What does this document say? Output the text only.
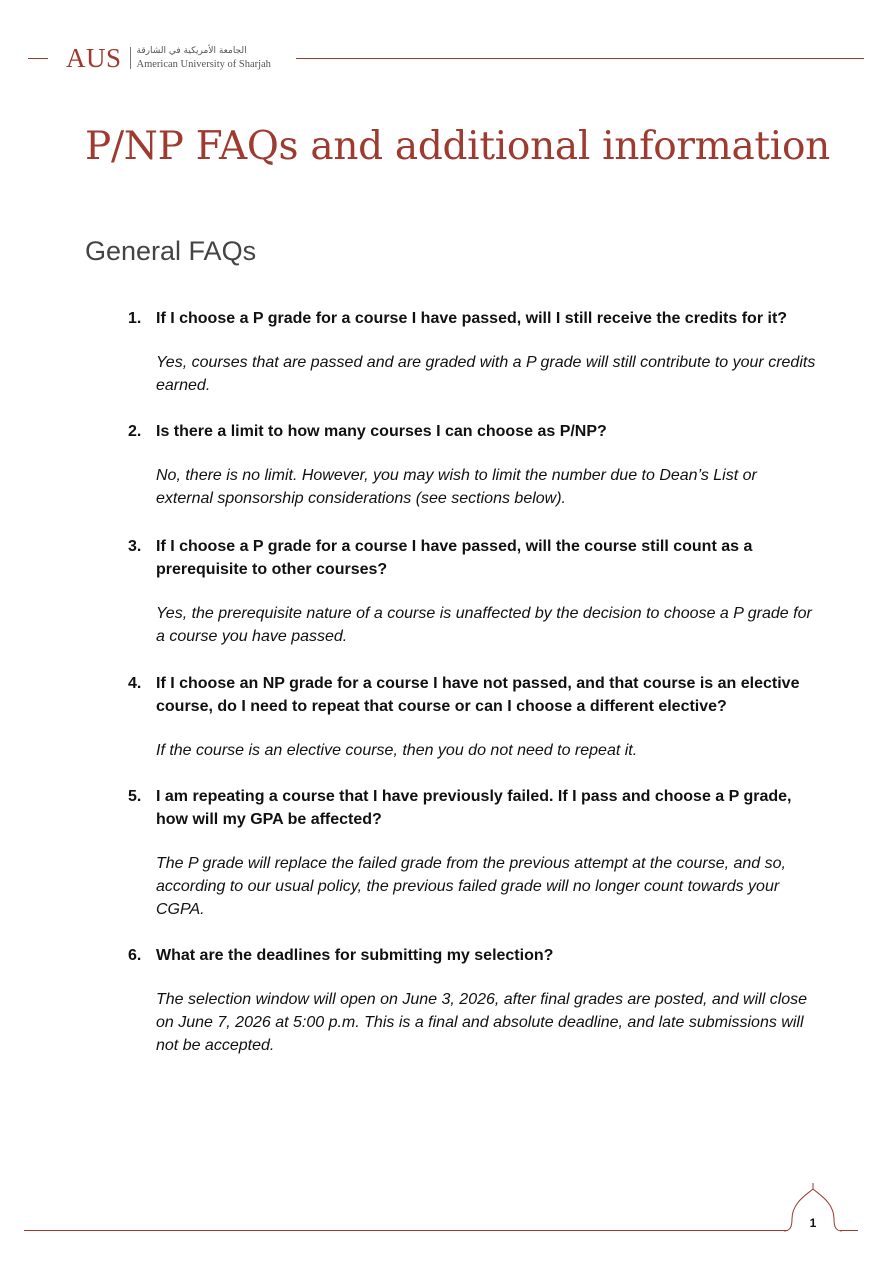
AUS الجامعة الأمريكية في الشارقة
American University of Sharjah
P/NP FAQs and additional information
General FAQs
1. If I choose a P grade for a course I have passed, will I still receive the credits for it?

Yes, courses that are passed and are graded with a P grade will still contribute to your credits earned.

2. Is there a limit to how many courses I can choose as P/NP?

No, there is no limit. However, you may wish to limit the number due to Dean’s List or external sponsorship considerations (see sections below).

3. If I choose a P grade for a course I have passed, will the course still count as a prerequisite to other courses?

Yes, the prerequisite nature of a course is unaffected by the decision to choose a P grade for a course you have passed.

4. If I choose an NP grade for a course I have not passed, and that course is an elective course, do I need to repeat that course or can I choose a different elective?

If the course is an elective course, then you do not need to repeat it.

5. I am repeating a course that I have previously failed. If I pass and choose a P grade, how will my GPA be affected?

The P grade will replace the failed grade from the previous attempt at the course, and so, according to our usual policy, the previous failed grade will no longer count towards your CGPA.

6. What are the deadlines for submitting my selection?

The selection window will open on June 3, 2026, after final grades are posted, and will close on June 7, 2026 at 5:00 p.m. This is a final and absolute deadline, and late submissions will not be accepted.

1
